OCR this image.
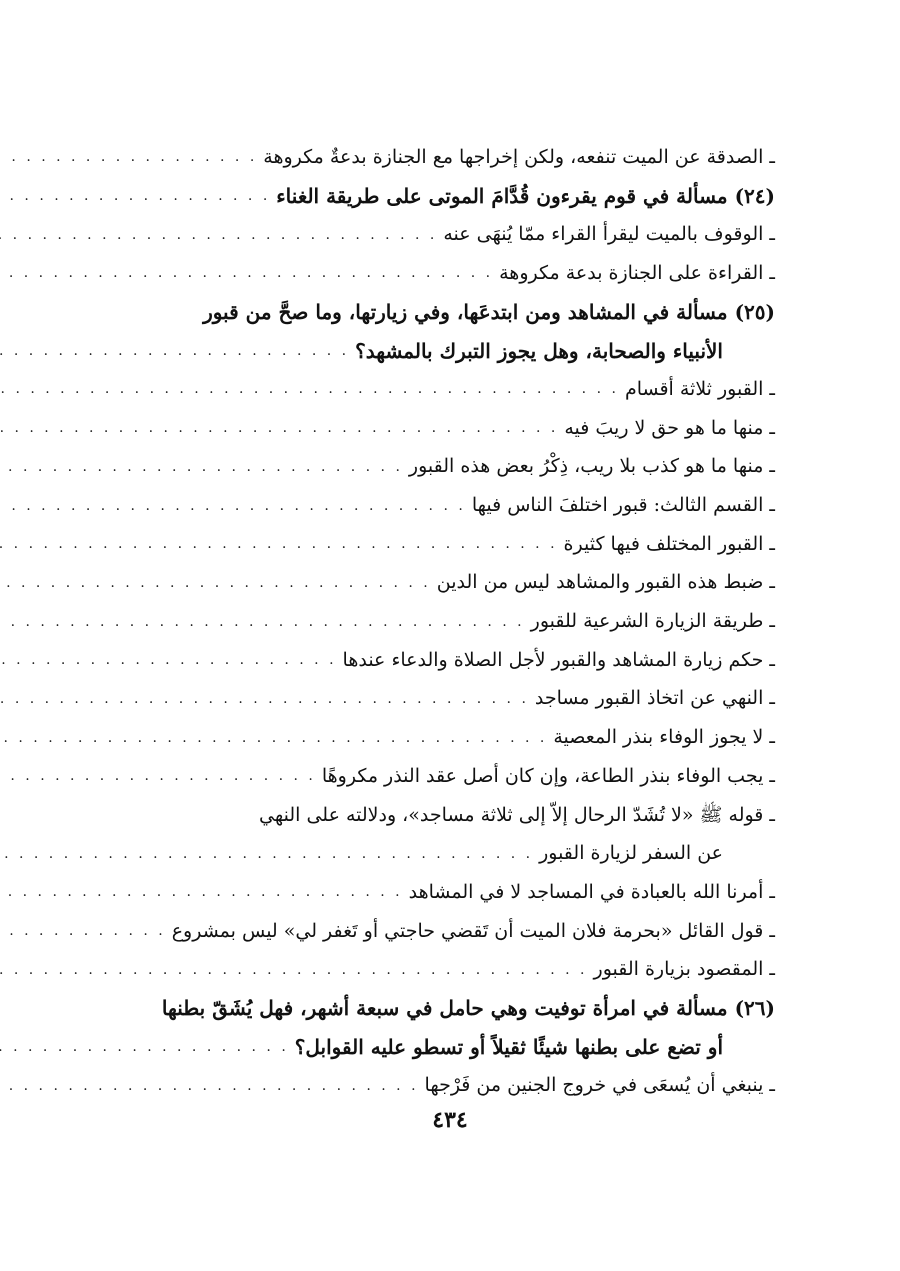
ـ الصدقة عن الميت تنفعه، ولكن إخراجها مع الجنازة بدعةٌ مكروهة
. . .
(٢٤) مسألة في قوم يقرءون قُدَّامَ الموتى على طريقة الغناء
. . .
ـ الوقوف بالميت ليقرأ القراء ممّا يُنهَى عنه
. . .
ـ القراءة على الجنازة بدعة مكروهة
. . .
(٢٥) مسألة في المشاهد ومن ابتدعَها، وفي زيارتها، وما صحَّ من قبور
الأنبياء والصحابة، وهل يجوز التبرك بالمشهد؟
. . .
ـ القبور ثلاثة أقسام
. . .
ـ منها ما هو حق لا ريبَ فيه
. . .
ـ منها ما هو كذب بلا ريب، ذِكْرُ بعض هذه القبور
. . .
ـ القسم الثالث: قبور اختلفَ الناس فيها
. . .
ـ القبور المختلف فيها كثيرة
. . .
ـ ضبط هذه القبور والمشاهد ليس من الدين
. . .
ـ طريقة الزيارة الشرعية للقبور
. . .
ـ حكم زيارة المشاهد والقبور لأجل الصلاة والدعاء عندها
. . .
ـ النهي عن اتخاذ القبور مساجد
. . .
ـ لا يجوز الوفاء بنذر المعصية
. . .
ـ يجب الوفاء بنذر الطاعة، وإن كان أصل عقد النذر مكروهًا
. . .
ـ قوله ﷺ «لا تُشَدّ الرحال إلاّ إلى ثلاثة مساجد»، ودلالته على النهي
عن السفر لزيارة القبور
. . .
ـ أمرنا الله بالعبادة في المساجد لا في المشاهد
. . .
ـ قول القائل «بحرمة فلان الميت أن تَقضي حاجتي أو تَغفر لي» ليس بمشروع
. . .
ـ المقصود بزيارة القبور
. . .
(٢٦) مسألة في امرأة توفيت وهي حامل في سبعة أشهر، فهل يُشَقّ بطنها
أو تضع على بطنها شيئًا ثقيلاً أو تسطو عليه القوابل؟
. . .
ـ ينبغي أن يُسعَى في خروج الجنين من فَرْجها
. . .
٤٣٤
